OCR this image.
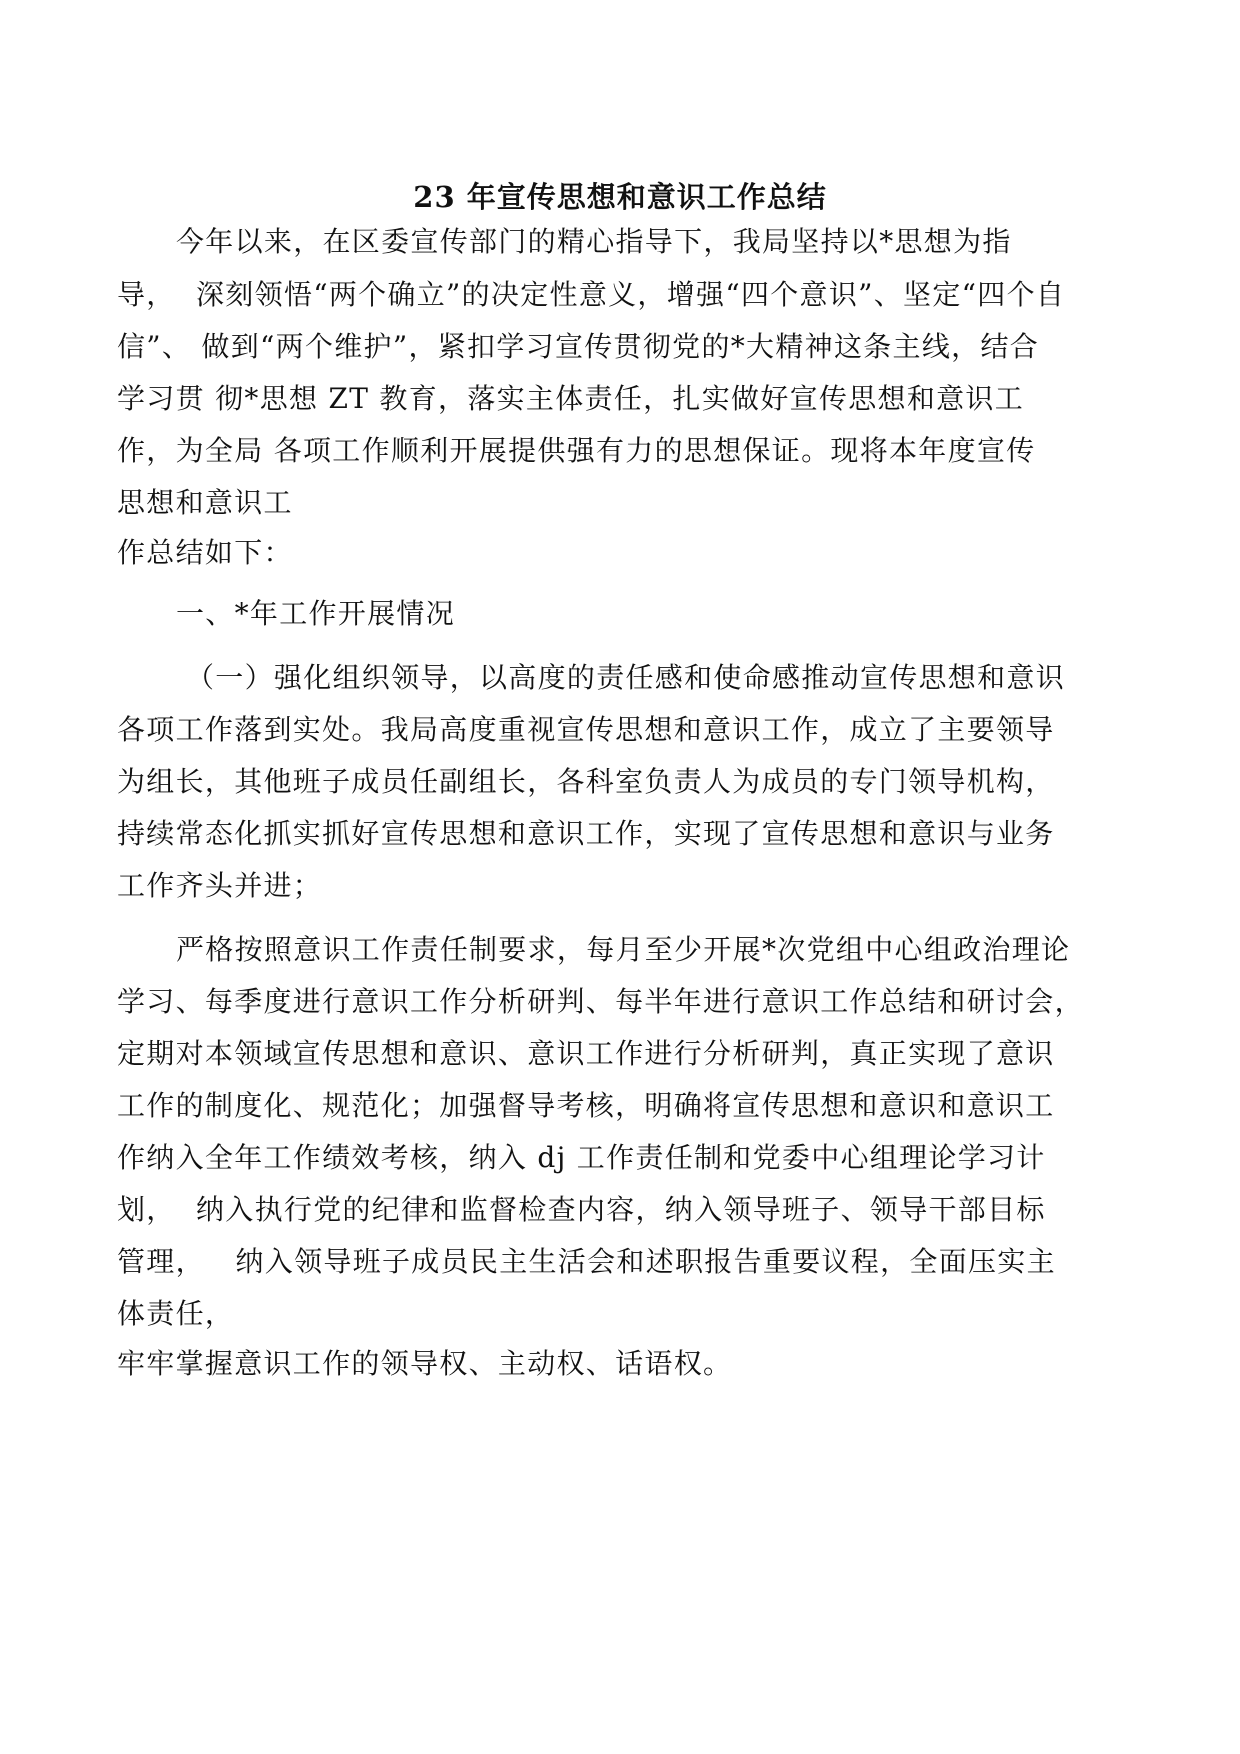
23 年宣传思想和意识工作总结
今年以来，在区委宣传部门的精心指导下，我局坚持以*思想为指
导，  深刻领悟“两个确立”的决定性意义，增强“四个意识”、坚定“四个自
信”、 做到“两个维护”，紧扣学习宣传贯彻党的*大精神这条主线，结合
学习贯 彻*思想 ZT 教育，落实主体责任，扎实做好宣传思想和意识工
作，为全局 各项工作顺利开展提供强有力的思想保证。现将本年度宣传
思想和意识工
作总结如下：
一、*年工作开展情况
（一）强化组织领导，以高度的责任感和使命感推动宣传思想和意识
各项工作落到实处。我局高度重视宣传思想和意识工作，成立了主要领导
为组长，其他班子成员任副组长，各科室负责人为成员的专门领导机构，
持续常态化抓实抓好宣传思想和意识工作，实现了宣传思想和意识与业务
工作齐头并进；
严格按照意识工作责任制要求，每月至少开展*次党组中心组政治理论
学习、每季度进行意识工作分析研判、每半年进行意识工作总结和研讨会，
定期对本领域宣传思想和意识、意识工作进行分析研判，真正实现了意识
工作的制度化、规范化；加强督导考核，明确将宣传思想和意识和意识工
作纳入全年工作绩效考核，纳入 dj 工作责任制和党委中心组理论学习计
划，  纳入执行党的纪律和监督检查内容，纳入领导班子、领导干部目标
管理，   纳入领导班子成员民主生活会和述职报告重要议程，全面压实主
体责任，
牢牢掌握意识工作的领导权、主动权、话语权。
